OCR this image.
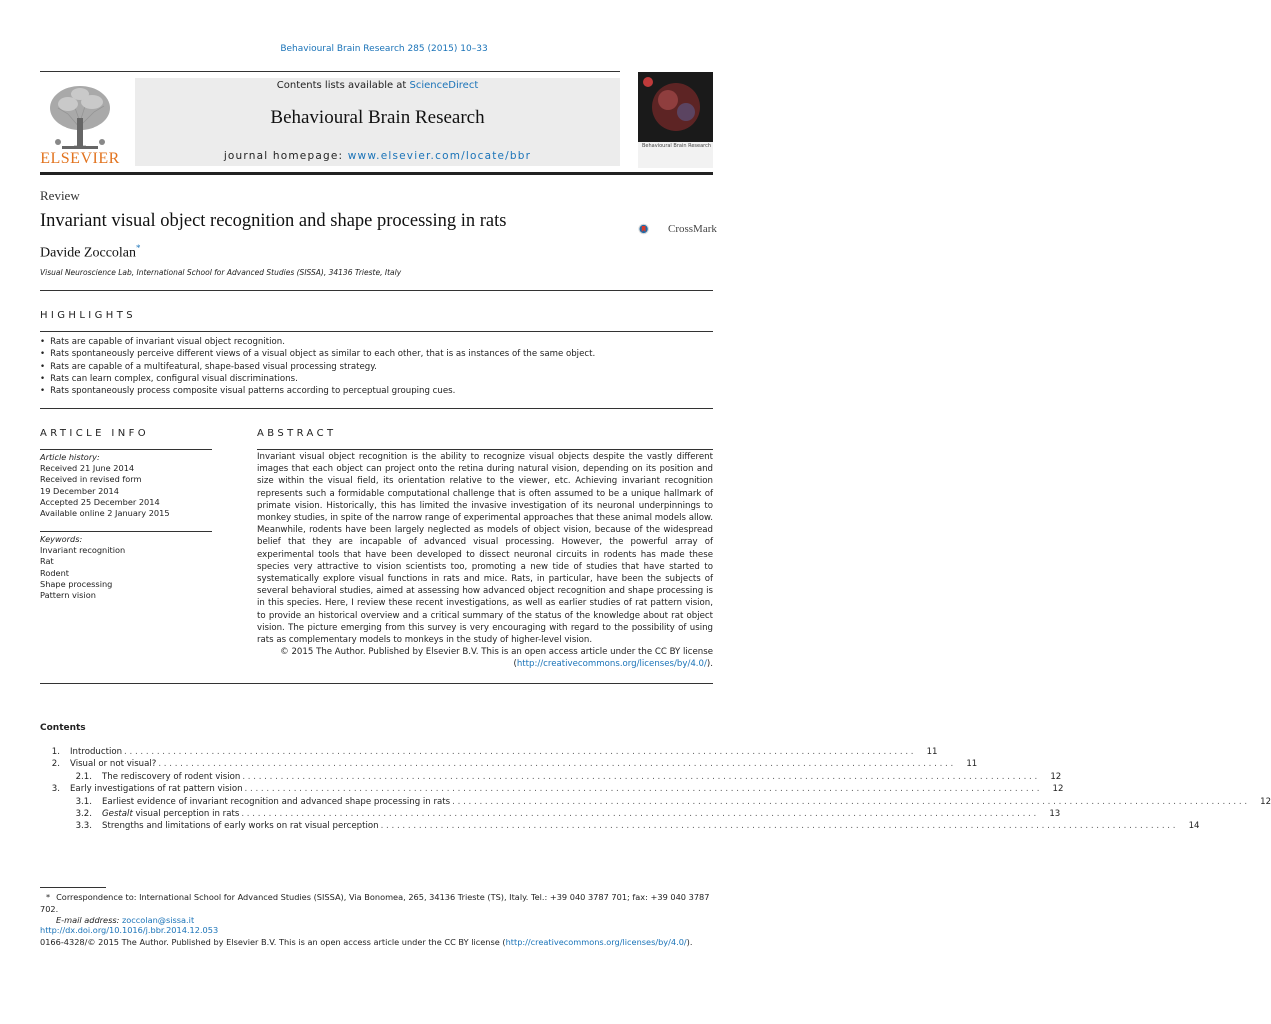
Behavioural Brain Research 285 (2015) 10–33
ELSEVIER
Contents lists available at ScienceDirect
Behavioural Brain Research
journal homepage: www.elsevier.com/locate/bbr
Behavioural Brain Research
Review
Invariant visual object recognition and shape processing in rats
Davide Zoccolan*
Visual Neuroscience Lab, International School for Advanced Studies (SISSA), 34136 Trieste, Italy
CrossMark
HIGHLIGHTS
• Rats are capable of invariant visual object recognition.
• Rats spontaneously perceive different views of a visual object as similar to each other, that is as instances of the same object.
• Rats are capable of a multifeatural, shape-based visual processing strategy.
• Rats can learn complex, configural visual discriminations.
• Rats spontaneously process composite visual patterns according to perceptual grouping cues.
ARTICLE INFO
Article history:
Received 21 June 2014
Received in revised form
19 December 2014
Accepted 25 December 2014
Available online 2 January 2015
Keywords:
Invariant recognition
Rat
Rodent
Shape processing
Pattern vision
ABSTRACT
Invariant visual object recognition is the ability to recognize visual objects despite the vastly different images that each object can project onto the retina during natural vision, depending on its position and size within the visual field, its orientation relative to the viewer, etc. Achieving invariant recognition represents such a formidable computational challenge that is often assumed to be a unique hallmark of primate vision. Historically, this has limited the invasive investigation of its neuronal underpinnings to monkey studies, in spite of the narrow range of experimental approaches that these animal models allow. Meanwhile, rodents have been largely neglected as models of object vision, because of the widespread belief that they are incapable of advanced visual processing. However, the powerful array of experimental tools that have been developed to dissect neuronal circuits in rodents has made these species very attractive to vision scientists too, promoting a new tide of studies that have started to systematically explore visual functions in rats and mice. Rats, in particular, have been the subjects of several behavioral studies, aimed at assessing how advanced object recognition and shape processing is in this species. Here, I review these recent investigations, as well as earlier studies of rat pattern vision, to provide an historical overview and a critical summary of the status of the knowledge about rat object vision. The picture emerging from this survey is very encouraging with regard to the possibility of using rats as complementary models to monkeys in the study of higher-level vision.
© 2015 The Author. Published by Elsevier B.V. This is an open access article under the CC BY license
(http://creativecommons.org/licenses/by/4.0/).
Contents
1.	Introduction . . . . . . . . . . . . . . . . . . . . . . . . . . . . . . . . . . . . . . . . . . . . . . . . . . . . . . . . . . . . . . . . . . . . . . . . . . . . . . . . . . . . . . . . . . . . . . . . . . . . . . . . . . . . . . . . . . . . . . . . . . . . . . . . . . . . . . . . . . . . . . . . .	11
2.	Visual or not visual? . . . . . . . . . . . . . . . . . . . . . . . . . . . . . . . . . . . . . . . . . . . . . . . . . . . . . . . . . . . . . . . . . . . . . . . . . . . . . . . . . . . . . . . . . . . . . . . . . . . . . . . . . . . . . . . . . . . . . . . . . . . . . . . . . . . . . . . . . . . . . . . . . .	11
2.1.	The rediscovery of rodent vision . . . . . . . . . . . . . . . . . . . . . . . . . . . . . . . . . . . . . . . . . . . . . . . . . . . . . . . . . . . . . . . . . . . . . . . . . . . . . . . . . . . . . . . . . . . . . . . . . . . . . . . . . . . . . . . . . . . . . . . . . . . . . . . . . . . . . . . . . . . . . . . . . .	12
3.	Early investigations of rat pattern vision . . . . . . . . . . . . . . . . . . . . . . . . . . . . . . . . . . . . . . . . . . . . . . . . . . . . . . . . . . . . . . . . . . . . . . . . . . . . . . . . . . . . . . . . . . . . . . . . . . . . . . . . . . . . . . . . . . . . . . . . . . . . . . . . . . . . . . . . . . . . . . . . . .	12
3.1.	Earliest evidence of invariant recognition and advanced shape processing in rats . . . . . . . . . . . . . . . . . . . . . . . . . . . . . . . . . . . . . . . . . . . . . . . . . . . . . . . . . . . . . . . . . . . . . . . . . . . . . . . . . . . . . . . . . . . . . . . . . . . . . . . . . . . . . . . . . . . . . . . . . . . . . . . . . . . . . . . . . . . . . . . . . .	12
3.2.	Gestalt visual perception in rats . . . . . . . . . . . . . . . . . . . . . . . . . . . . . . . . . . . . . . . . . . . . . . . . . . . . . . . . . . . . . . . . . . . . . . . . . . . . . . . . . . . . . . . . . . . . . . . . . . . . . . . . . . . . . . . . . . . . . . . . . . . . . . . . . . . . . . . . . . . . . . . . . .	13
3.3.	Strengths and limitations of early works on rat visual perception . . . . . . . . . . . . . . . . . . . . . . . . . . . . . . . . . . . . . . . . . . . . . . . . . . . . . . . . . . . . . . . . . . . . . . . . . . . . . . . . . . . . . . . . . . . . . . . . . . . . . . . . . . . . . . . . . . . . . . . . . . . . . . . . . . . . . . . . . . . . . . . . . .	14
* Correspondence to: International School for Advanced Studies (SISSA), Via Bonomea, 265, 34136 Trieste (TS), Italy. Tel.: +39 040 3787 701; fax: +39 040 3787 702.
E-mail address: zoccolan@sissa.it
http://dx.doi.org/10.1016/j.bbr.2014.12.053
0166-4328/© 2015 The Author. Published by Elsevier B.V. This is an open access article under the CC BY license (http://creativecommons.org/licenses/by/4.0/).
